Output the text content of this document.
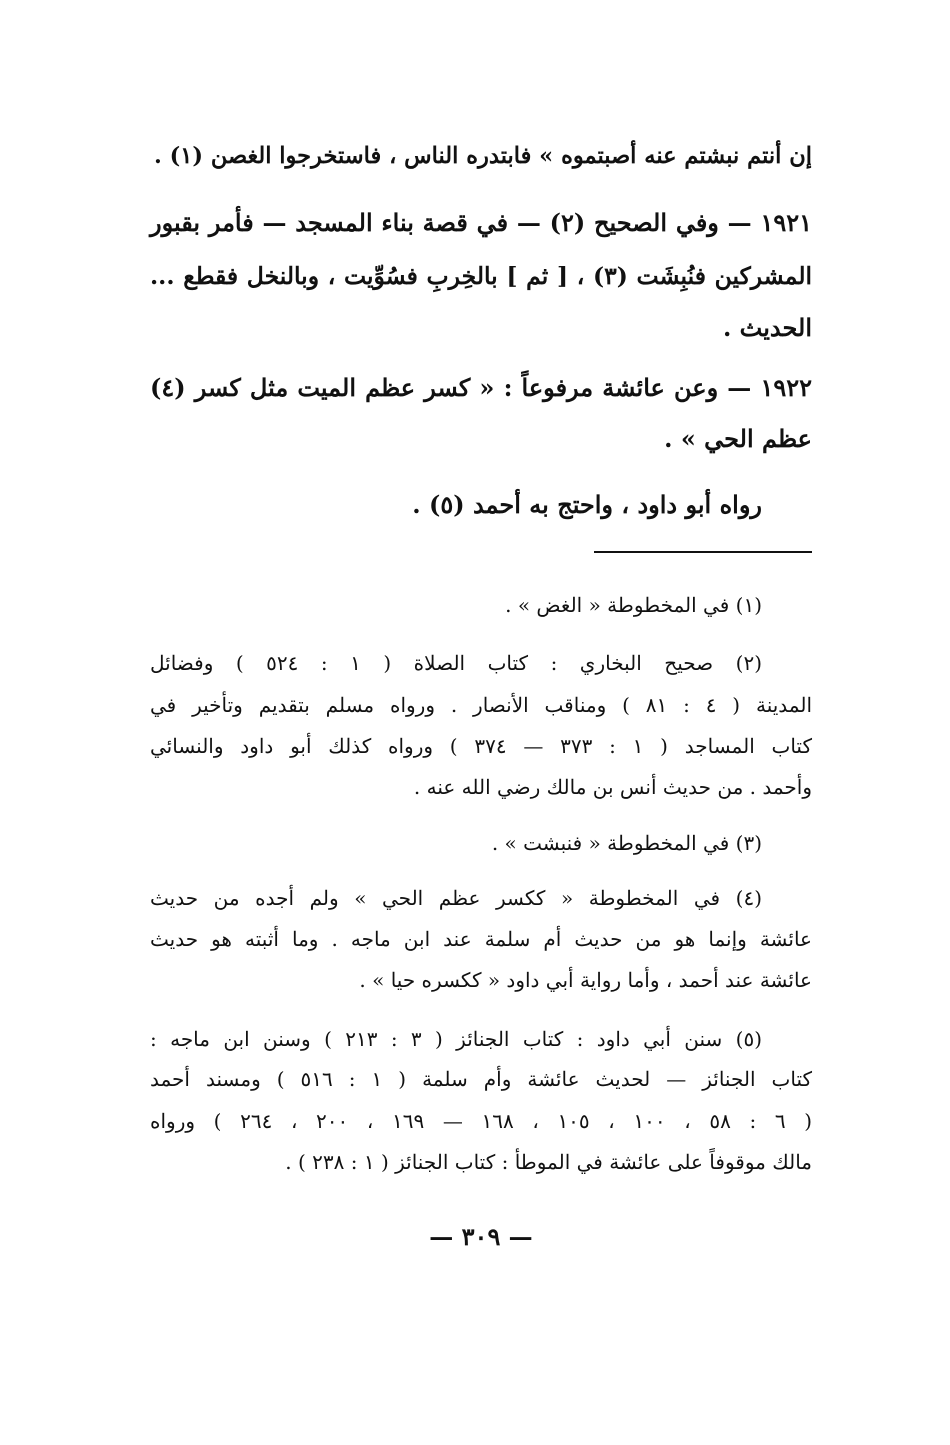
إن أنتم نبشتم عنه أصبتموه » فابتدره الناس ، فاستخرجوا الغصن (١) .
١٩٢١ — وفي الصحيح (٢) — في قصة بناء المسجد — فأمر بقبور
المشركين فنُبِشَت (٣) ، [ ثم ] بالخِربِ فسُوِّيت ، وبالنخل فقطع ...
الحديث .
١٩٢٢ — وعن عائشة مرفوعاً : « كسر عظم الميت مثل كسر (٤)
عظم الحي » .
رواه أبو داود ، واحتج به أحمد (٥) .
(١) في المخطوطة « الغض » .
(٢) صحيح البخاري : كتاب الصلاة ( ١ : ٥٢٤ ) وفضائل
المدينة ( ٤ : ٨١ ) ومناقب الأنصار . ورواه مسلم بتقديم وتأخير في
كتاب المساجد ( ١ : ٣٧٣ — ٣٧٤ ) ورواه كذلك أبو داود والنسائي
وأحمد . من حديث أنس بن مالك رضي الله عنه .
(٣) في المخطوطة « فنبشت » .
(٤) في المخطوطة « ككسر عظم الحي » ولم أجده من حديث
عائشة وإنما هو من حديث أم سلمة عند ابن ماجه . وما أثبته هو حديث
عائشة عند أحمد ، وأما رواية أبي داود « ككسره حيا » .
(٥) سنن أبي داود : كتاب الجنائز ( ٣ : ٢١٣ ) وسنن ابن ماجه :
كتاب الجنائز — لحديث عائشة وأم سلمة ( ١ : ٥١٦ ) ومسند أحمد
( ٦ : ٥٨ ، ١٠٠ ، ١٠٥ ، ١٦٨ — ١٦٩ ، ٢٠٠ ، ٢٦٤ ) ورواه
مالك موقوفاً على عائشة في الموطأ : كتاب الجنائز ( ١ : ٢٣٨ ) .
— ٣٠٩ —
